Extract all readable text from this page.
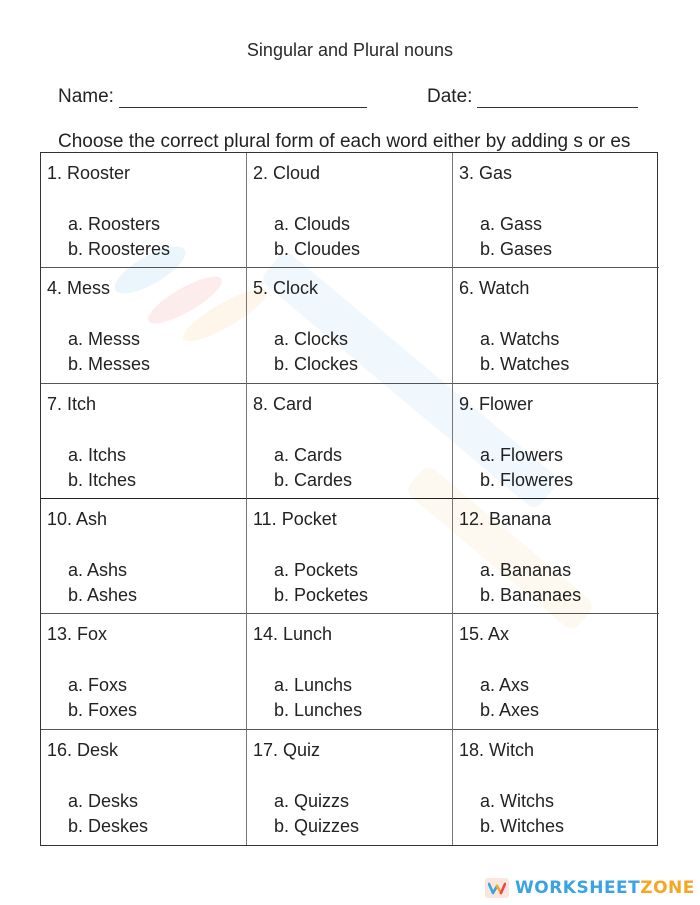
Singular and Plural nouns
Name:	Date:
Choose the correct plural form of each word either by adding s or es
1. Rooster
a. Roosters
b. Roosteres
2. Cloud
a. Clouds
b. Cloudes
3. Gas
a. Gass
b. Gases
4. Mess
a. Messs
b. Messes
5. Clock
a. Clocks
b. Clockes
6. Watch
a. Watchs
b. Watches
7. Itch
a. Itchs
b. Itches
8. Card
a. Cards
b. Cardes
9. Flower
a. Flowers
b. Floweres
10. Ash
a. Ashs
b. Ashes
11. Pocket
a. Pockets
b. Pocketes
12. Banana
a. Bananas
b. Bananaes
13. Fox
a. Foxs
b. Foxes
14. Lunch
a. Lunchs
b. Lunches
15. Ax
a. Axs
b. Axes
16. Desk
a. Desks
b. Deskes
17. Quiz
a. Quizzs
b. Quizzes
18. Witch
a. Witchs
b. Witches
WORKSHEETZONE
